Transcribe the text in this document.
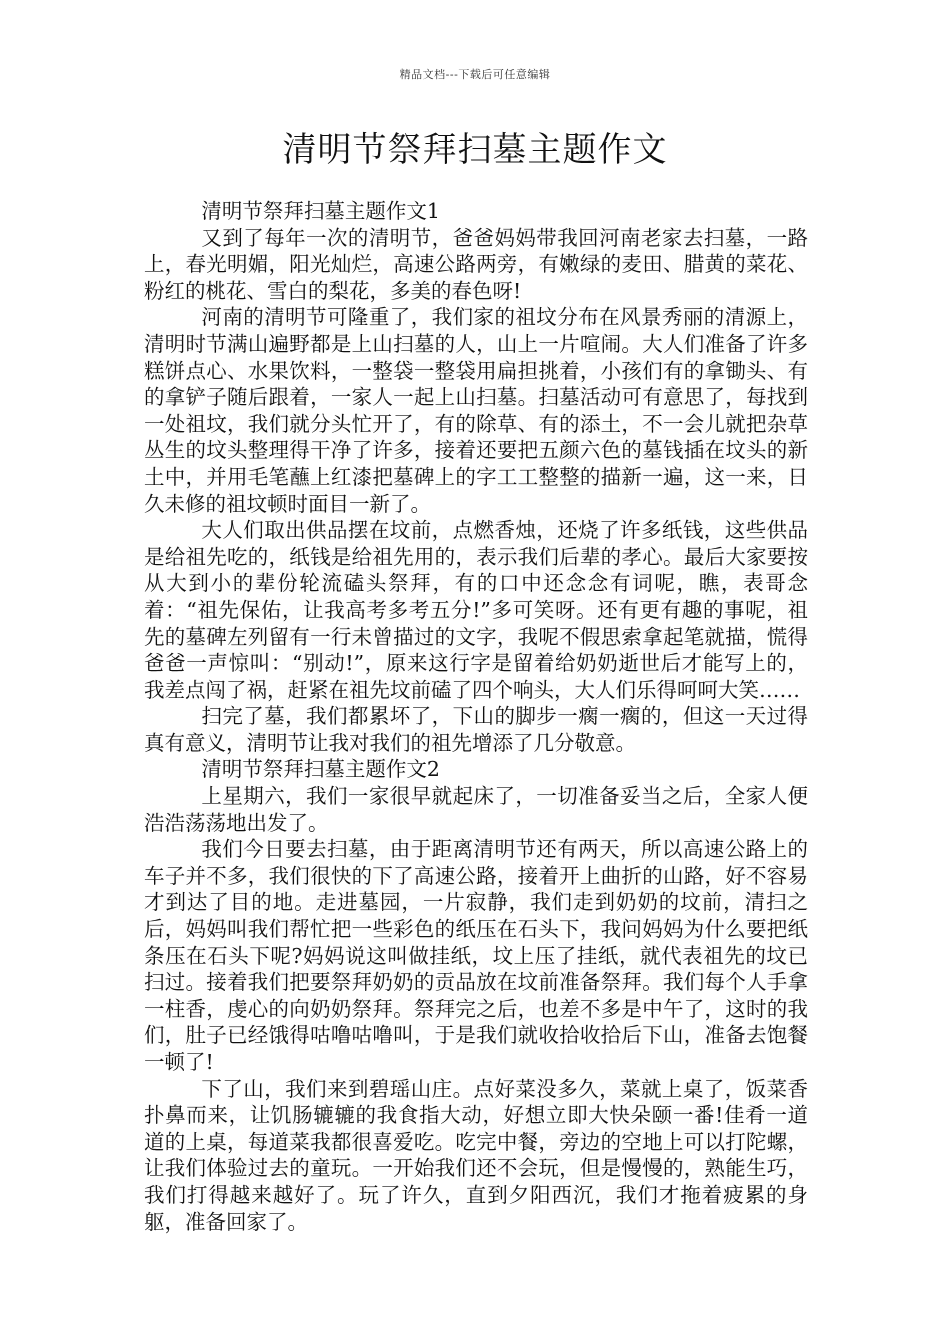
精品文档---下载后可任意编辑
清明节祭拜扫墓主题作文

清明节祭拜扫墓主题作文1

又到了每年一次的清明节，爸爸妈妈带我回河南老家去扫墓，一路上，春光明媚，阳光灿烂，高速公路两旁，有嫩绿的麦田、腊黄的菜花、粉红的桃花、雪白的梨花，多美的春色呀!

河南的清明节可隆重了，我们家的祖坟分布在风景秀丽的清源上，清明时节满山遍野都是上山扫墓的人，山上一片喧闹。大人们准备了许多糕饼点心、水果饮料，一整袋一整袋用扁担挑着，小孩们有的拿锄头、有的拿铲子随后跟着，一家人一起上山扫墓。扫墓活动可有意思了，每找到一处祖坟，我们就分头忙开了，有的除草、有的添土，不一会儿就把杂草丛生的坟头整理得干净了许多，接着还要把五颜六色的墓钱插在坟头的新土中，并用毛笔蘸上红漆把墓碑上的字工工整整的描新一遍，这一来，日久未修的祖坟顿时面目一新了。

大人们取出供品摆在坟前，点燃香烛，还烧了许多纸钱，这些供品是给祖先吃的，纸钱是给祖先用的，表示我们后辈的孝心。最后大家要按从大到小的辈份轮流磕头祭拜，有的口中还念念有词呢，瞧，表哥念着：“祖先保佑，让我高考多考五分!”多可笑呀。还有更有趣的事呢，祖先的墓碑左列留有一行未曾描过的文字，我呢不假思索拿起笔就描，慌得爸爸一声惊叫：“别动!”，原来这行字是留着给奶奶逝世后才能写上的，我差点闯了祸，赶紧在祖先坟前磕了四个响头，大人们乐得呵呵大笑……

扫完了墓，我们都累坏了，下山的脚步一瘸一瘸的，但这一天过得真有意义，清明节让我对我们的祖先增添了几分敬意。

清明节祭拜扫墓主题作文2

上星期六，我们一家很早就起床了，一切准备妥当之后，全家人便浩浩荡荡地出发了。

我们今日要去扫墓，由于距离清明节还有两天，所以高速公路上的车子并不多，我们很快的下了高速公路，接着开上曲折的山路，好不容易才到达了目的地。走进墓园，一片寂静，我们走到奶奶的坟前，清扫之后，妈妈叫我们帮忙把一些彩色的纸压在石头下，我问妈妈为什么要把纸条压在石头下呢?妈妈说这叫做挂纸，坟上压了挂纸，就代表祖先的坟已扫过。接着我们把要祭拜奶奶的贡品放在坟前准备祭拜。我们每个人手拿一柱香，虔心的向奶奶祭拜。祭拜完之后，也差不多是中午了，这时的我们，肚子已经饿得咕噜咕噜叫，于是我们就收拾收拾后下山，准备去饱餐一顿了!

下了山，我们来到碧瑶山庄。点好菜没多久，菜就上桌了，饭菜香扑鼻而来，让饥肠辘辘的我食指大动，好想立即大快朵颐一番!佳肴一道道的上桌，每道菜我都很喜爱吃。吃完中餐，旁边的空地上可以打陀螺，让我们体验过去的童玩。一开始我们还不会玩，但是慢慢的，熟能生巧，我们打得越来越好了。玩了许久，直到夕阳西沉，我们才拖着疲累的身躯，准备回家了。
